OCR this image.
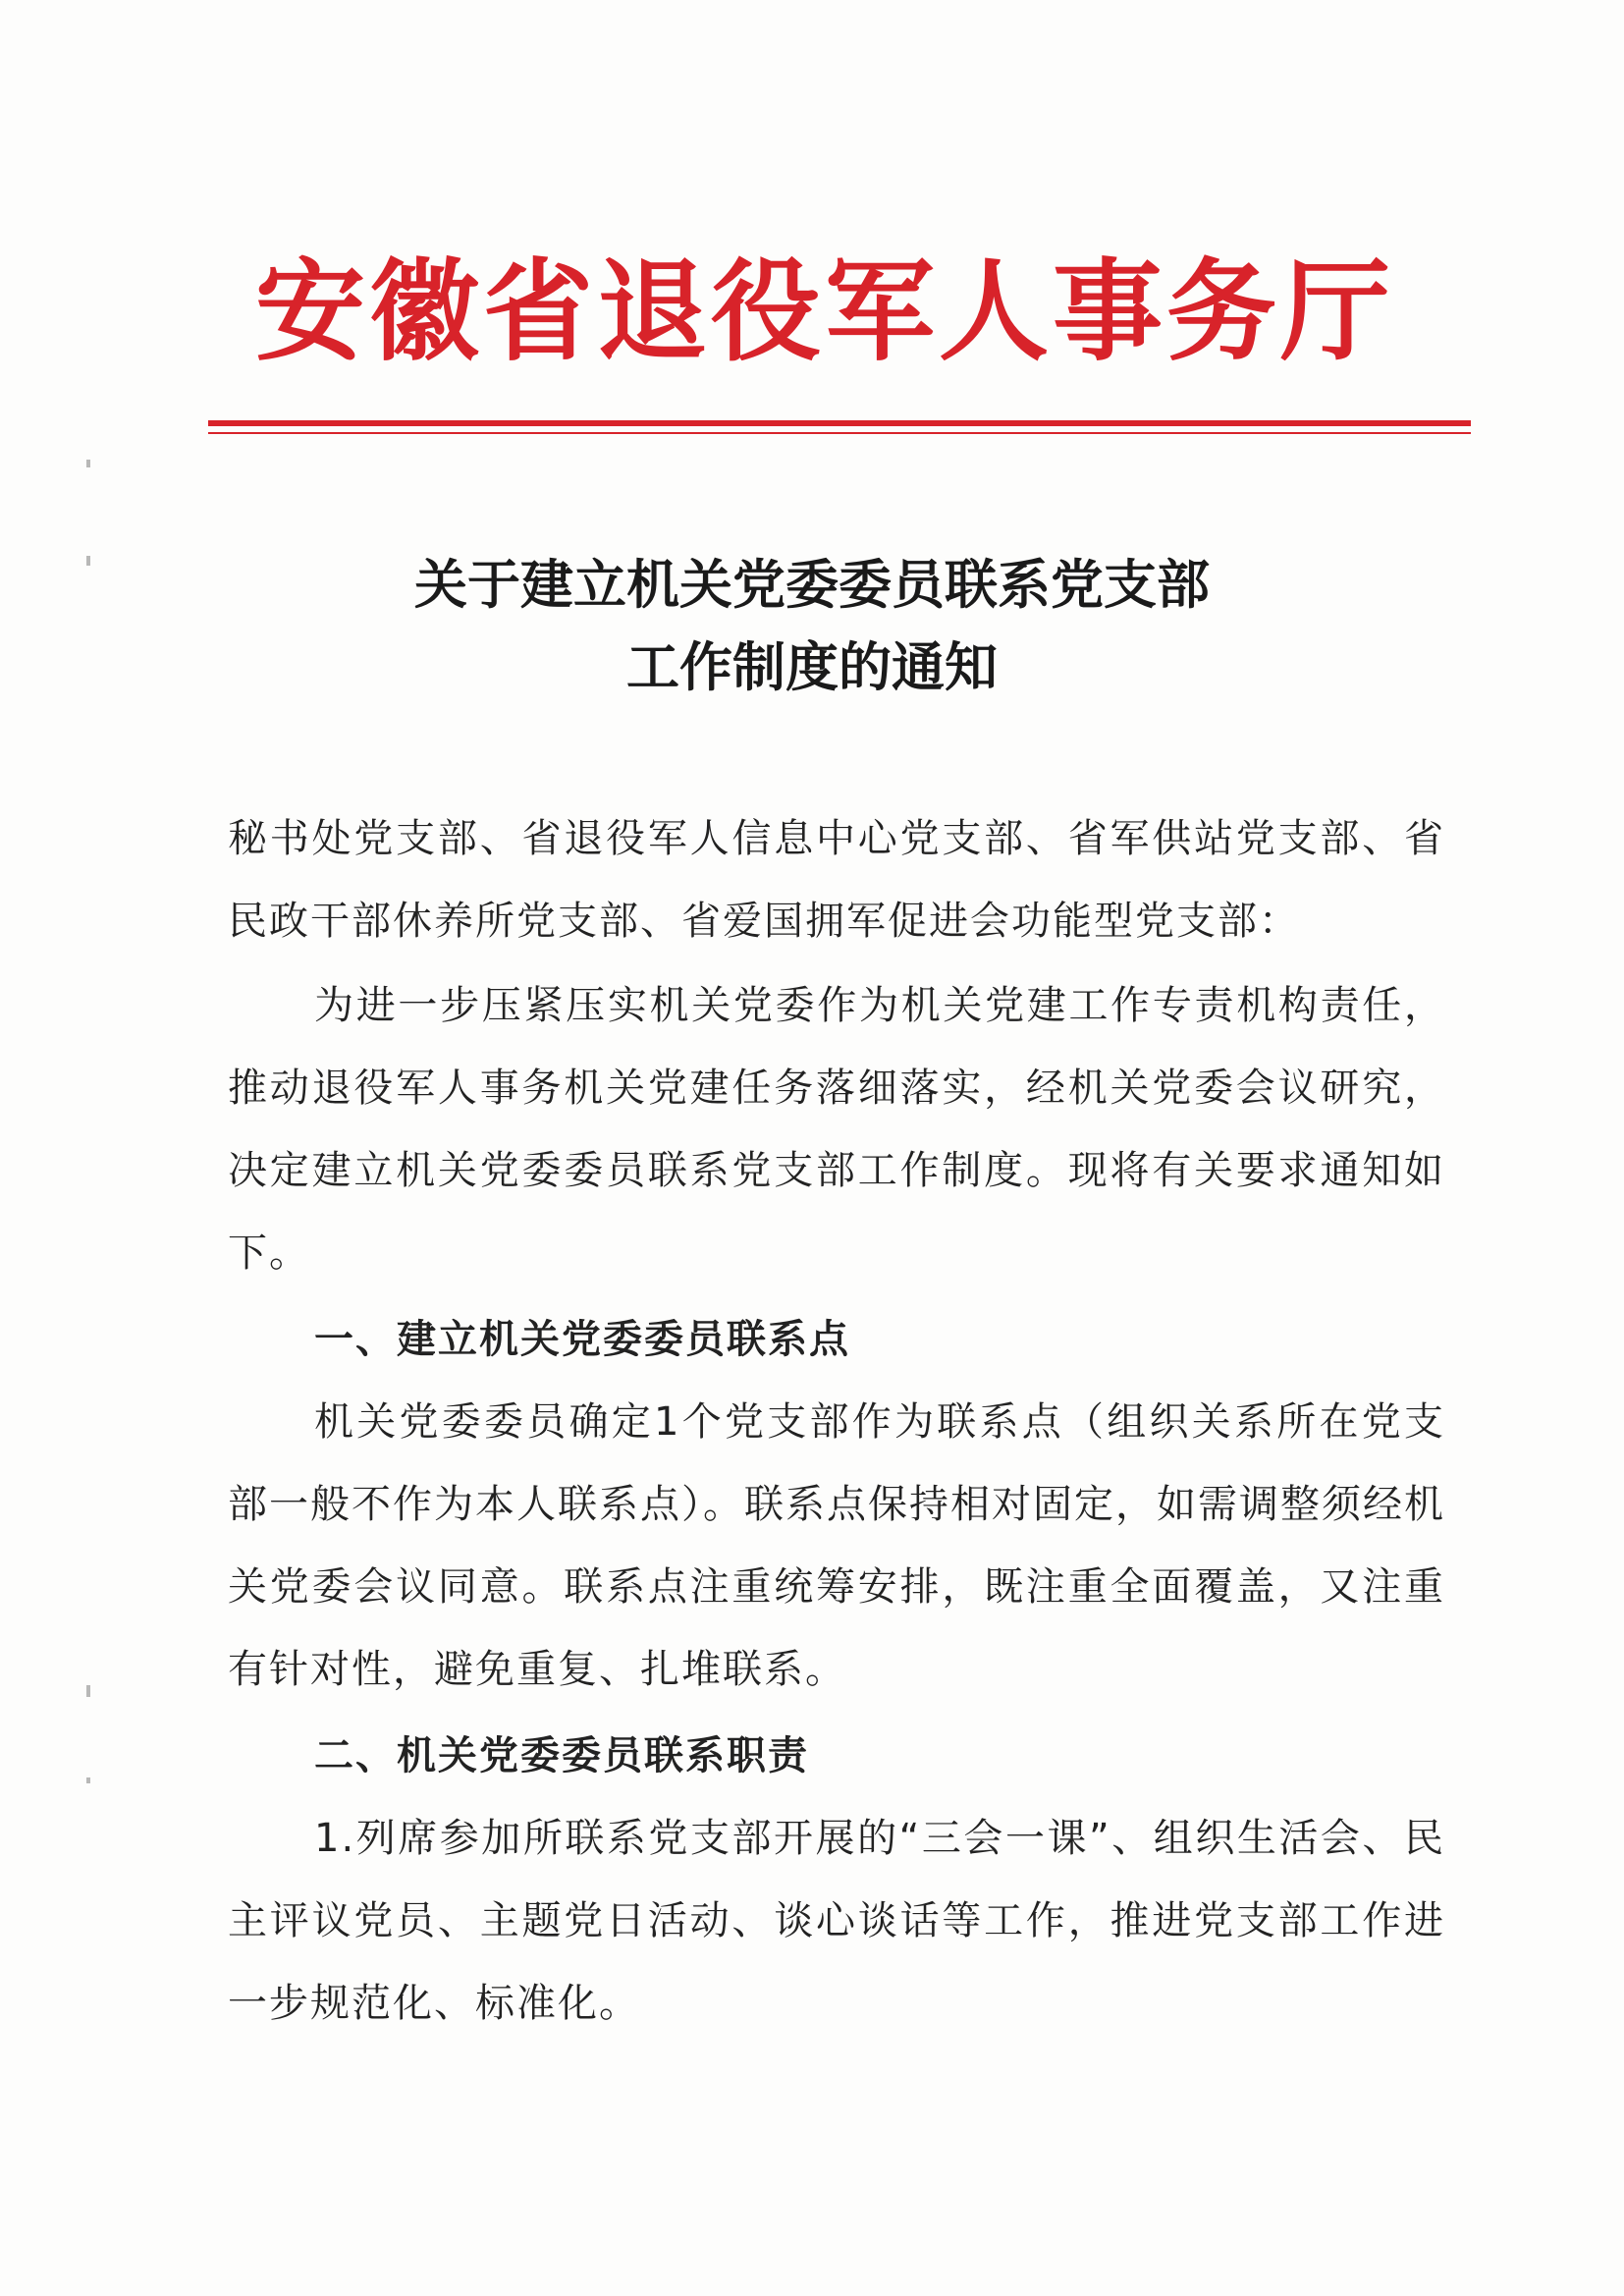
安徽省退役军人事务厅
关于建立机关党委委员联系党支部
工作制度的通知
秘书处党支部、省退役军人信息中心党支部、省军供站党支部、省民政干部休养所党支部、省爱国拥军促进会功能型党支部：
为进一步压紧压实机关党委作为机关党建工作专责机构责任，推动退役军人事务机关党建任务落细落实，经机关党委会议研究，决定建立机关党委委员联系党支部工作制度。现将有关要求通知如下。
一、建立机关党委委员联系点
机关党委委员确定1个党支部作为联系点（组织关系所在党支部一般不作为本人联系点）。联系点保持相对固定，如需调整须经机关党委会议同意。联系点注重统筹安排，既注重全面覆盖，又注重有针对性，避免重复、扎堆联系。
二、机关党委委员联系职责
1.列席参加所联系党支部开展的“三会一课”、组织生活会、民主评议党员、主题党日活动、谈心谈话等工作，推进党支部工作进一步规范化、标准化。
